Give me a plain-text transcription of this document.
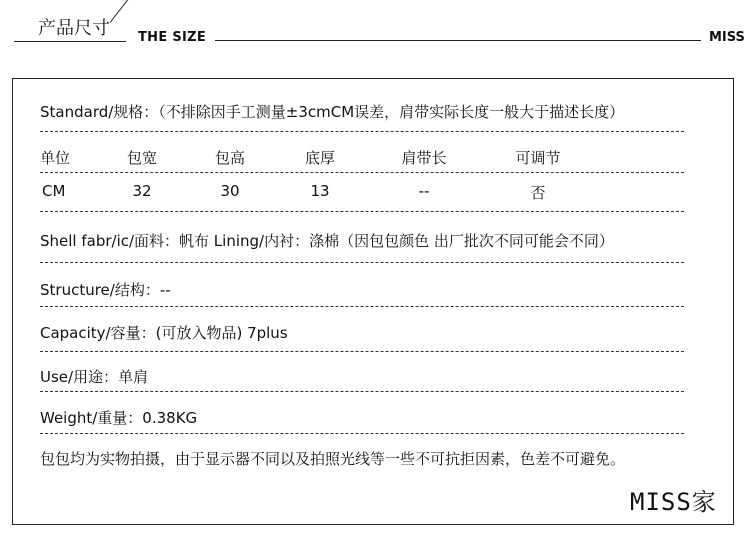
产品尺寸 THE SIZE	MISS
Standard/规格：（不排除因手工测量±3cmCM误差，肩带实际长度一般大于描述长度）
单位	包宽	包高	底厚	肩带长	可调节
CM	32	30	13	--	否
Shell fabr/ic/面料：帆布 Lining/内衬：涤棉（因包包颜色 出厂批次不同可能会不同）
Structure/结构：--
Capacity/容量：(可放入物品) 7plus
Use/用途：单肩
Weight/重量：0.38KG
包包均为实物拍摄，由于显示器不同以及拍照光线等一些不可抗拒因素，色差不可避免。
MISS家
